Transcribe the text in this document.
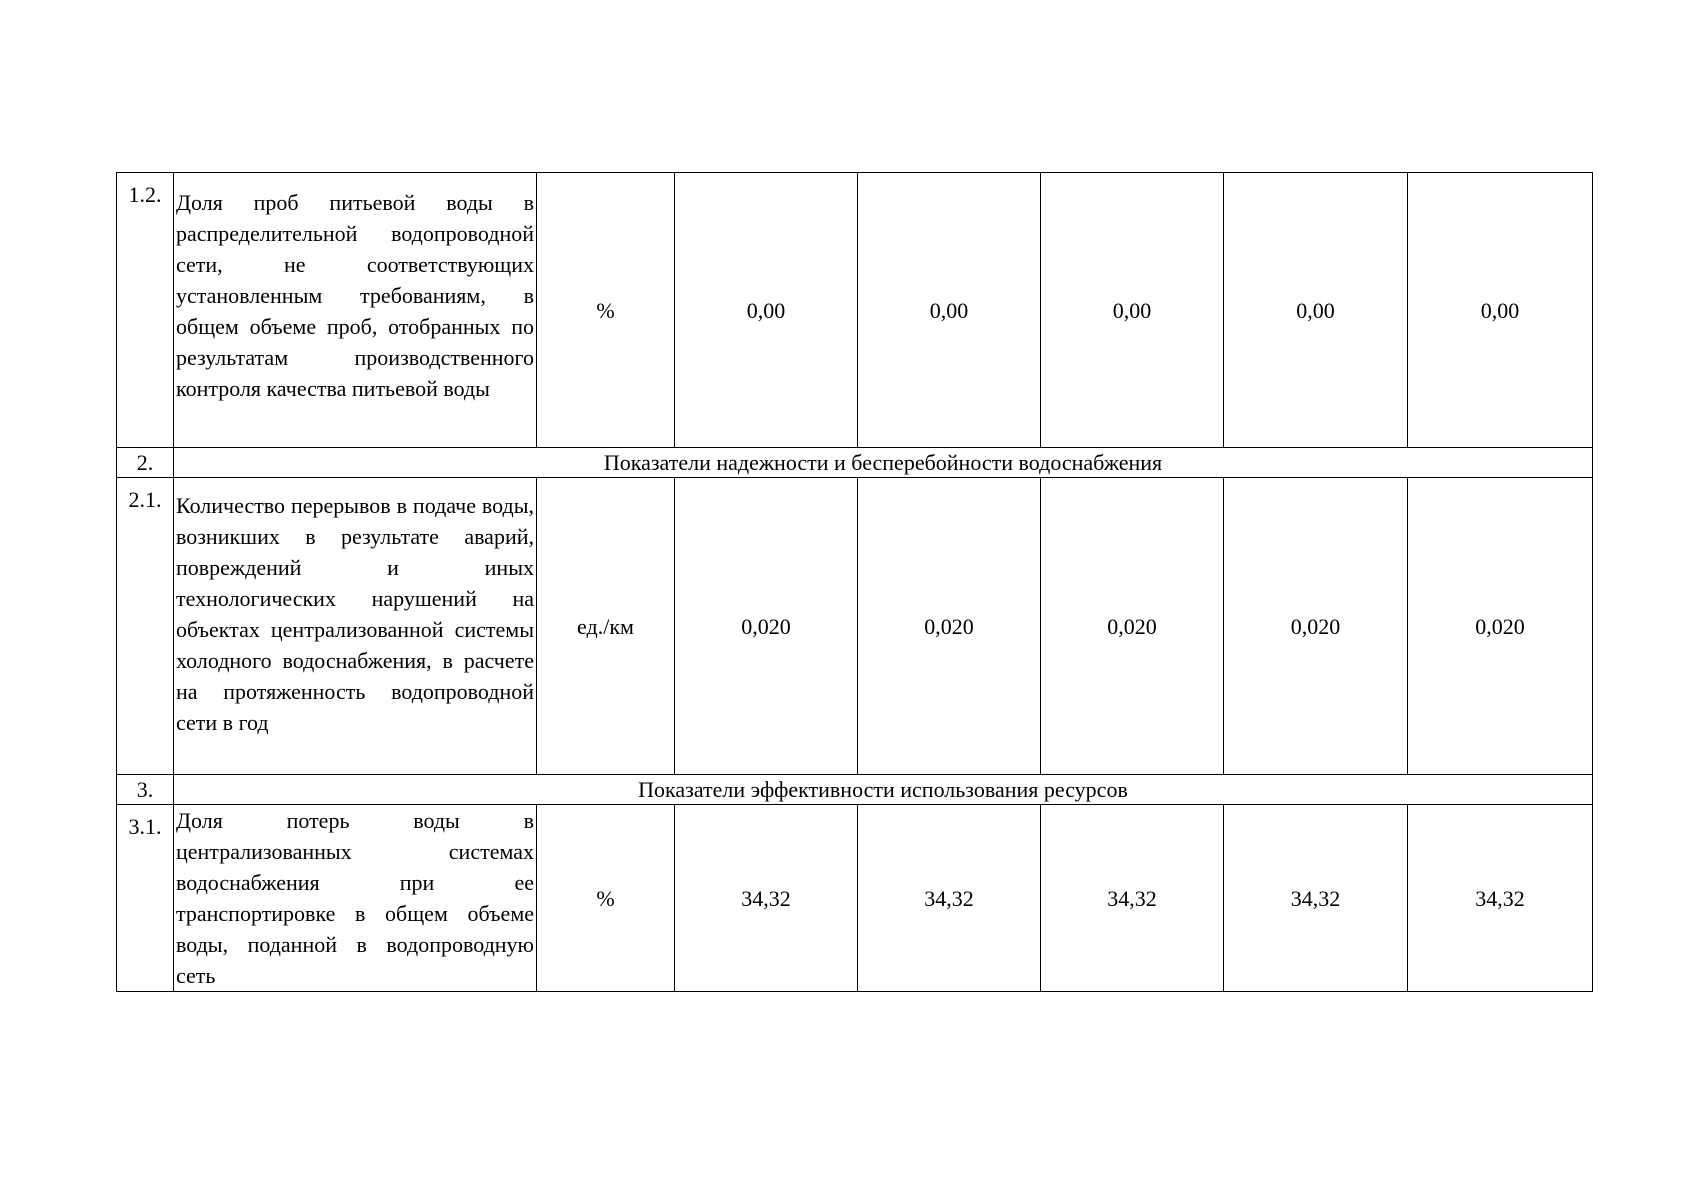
1.2.	Доля проб питьевой воды в распределительной водопроводной сети, не соответствующих установленным требованиям, в общем объеме проб, отобранных по результатам производственного контроля качества питьевой воды	%	0,00	0,00	0,00	0,00	0,00
2.	Показатели надежности и бесперебойности водоснабжения						
2.1.	Количество перерывов в подаче воды, возникших в результате аварий, повреждений и иных технологических нарушений на объектах централизованной системы холодного водоснабжения, в расчете на протяженность водопроводной сети в год	ед./км	0,020	0,020	0,020	0,020	0,020
3.	Показатели эффективности использования ресурсов						
3.1.	Доля потерь воды в централизованных системах водоснабжения при ее транспортировке в общем объеме воды, поданной в водопроводную сеть	%	34,32	34,32	34,32	34,32	34,32
